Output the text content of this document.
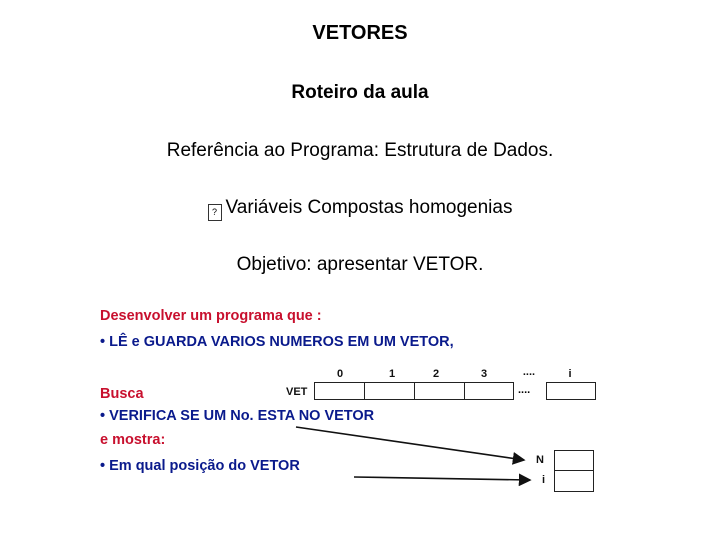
VETORES
Roteiro da aula
Referência ao Programa: Estrutura de Dados.
? Variáveis Compostas homogenias
Objetivo: apresentar VETOR.
Desenvolver um programa que :
• LÊ e GUARDA VARIOS NUMEROS EM UM VETOR,
Busca
• VERIFICA SE UM No. ESTA NO VETOR
e mostra:
• Em qual posição do VETOR
0	1	2	3	....	i
VET	....
N
i
